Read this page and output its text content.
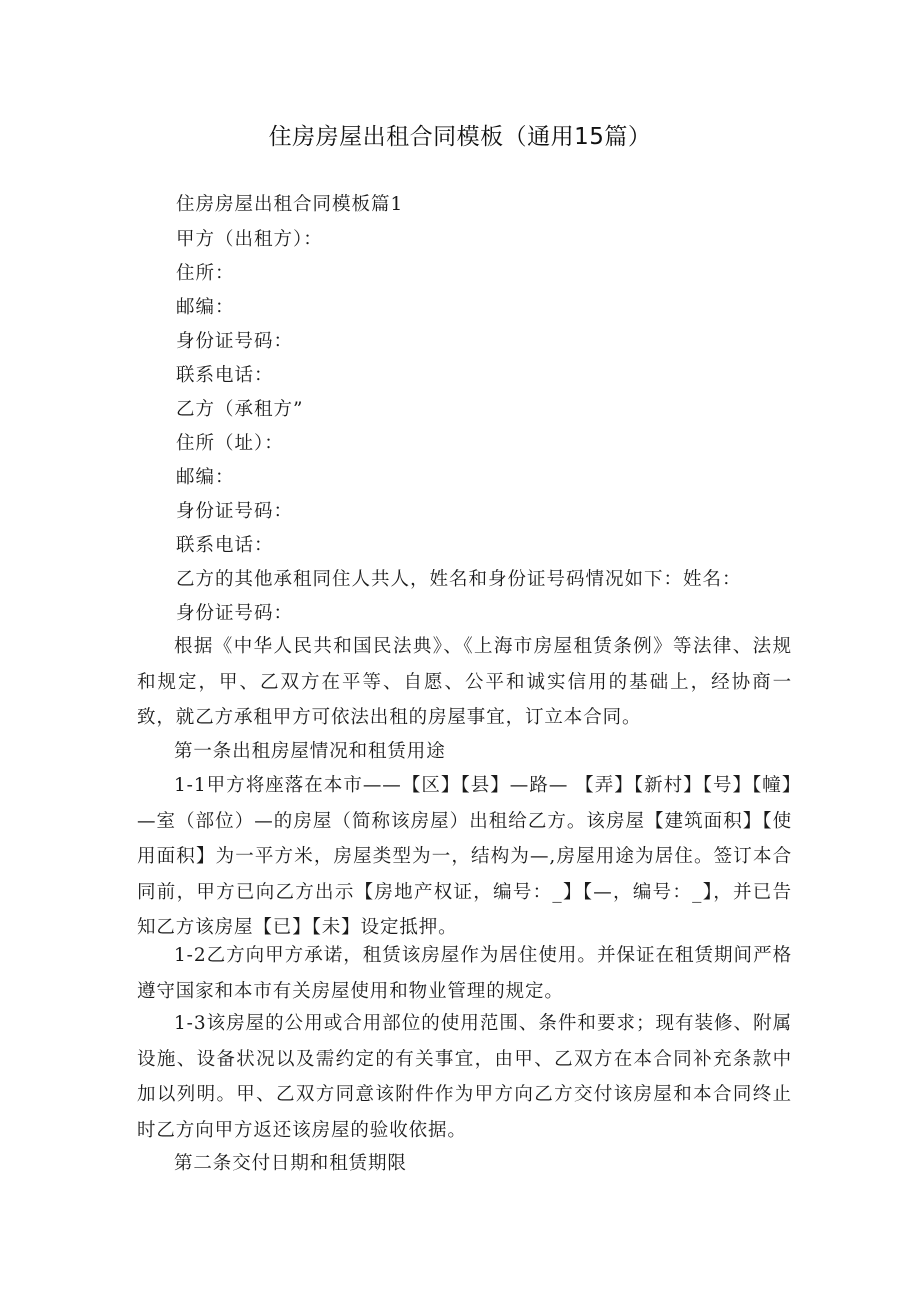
住房房屋出租合同模板（通用15篇）
住房房屋出租合同模板篇1
甲方（出租方）：
住所：
邮编：
身份证号码：
联系电话：
乙方（承租方”
住所（址）：
邮编：
身份证号码：
联系电话：
乙方的其他承租同住人共人，姓名和身份证号码情况如下：姓名：
身份证号码：

根据《中华人民共和国民法典》、《上海市房屋租赁条例》等法律、法规和规定，甲、乙双方在平等、自愿、公平和诚实信用的基础上，经协商一致，就乙方承租甲方可依法出租的房屋事宜，订立本合同。

第一条出租房屋情况和租赁用途

1-1甲方将座落在本市——【区】【县】—路— 【弄】【新村】【号】【幢】—室（部位）—的房屋（简称该房屋）出租给乙方。该房屋【建筑面积】【使用面积】为一平方米，房屋类型为一，结构为—,房屋用途为居住。签订本合同前，甲方已向乙方出示【房地产权证，编号：_】【—，编号：_】，并已告知乙方该房屋【已】【未】设定抵押。

1-2乙方向甲方承诺，租赁该房屋作为居住使用。并保证在租赁期间严格遵守国家和本市有关房屋使用和物业管理的规定。

1-3该房屋的公用或合用部位的使用范围、条件和要求；现有装修、附属设施、设备状况以及需约定的有关事宜，由甲、乙双方在本合同补充条款中加以列明。甲、乙双方同意该附件作为甲方向乙方交付该房屋和本合同终止时乙方向甲方返还该房屋的验收依据。

第二条交付日期和租赁期限
